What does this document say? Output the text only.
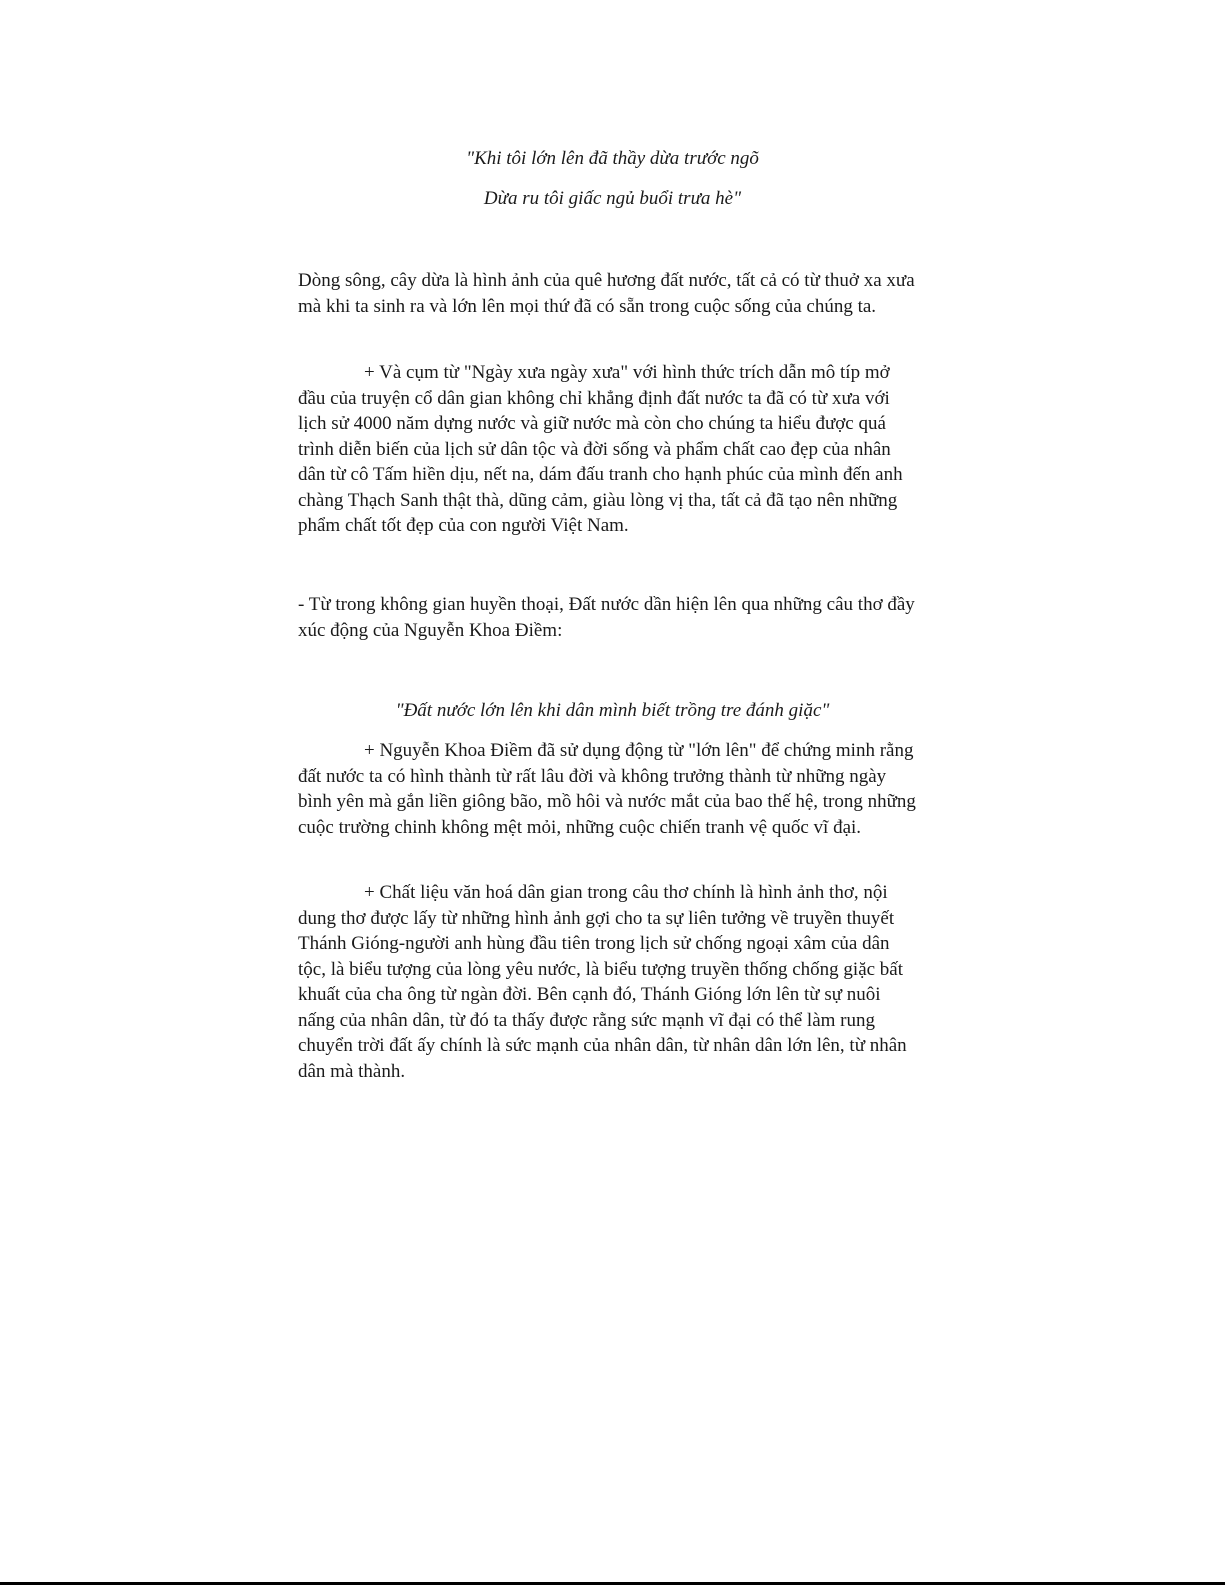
"Khi tôi lớn lên đã thầy dừa trước ngõ

Dừa ru tôi giấc ngủ buổi trưa hè"

Dòng sông, cây dừa là hình ảnh của quê hương đất nước, tất cả có từ thuở xa xưa mà khi ta sinh ra và lớn lên mọi thứ đã có sẵn trong cuộc sống của chúng ta.

+ Và cụm từ "Ngày xưa ngày xưa" với hình thức trích dẫn mô típ mở đầu của truyện cổ dân gian không chỉ khẳng định đất nước ta đã có từ xưa với lịch sử 4000 năm dựng nước và giữ nước mà còn cho chúng ta hiểu được quá trình diễn biến của lịch sử dân tộc và đời sống và phẩm chất cao đẹp của nhân dân từ cô Tấm hiền dịu, nết na, dám đấu tranh cho hạnh phúc của mình đến anh chàng Thạch Sanh thật thà, dũng cảm, giàu lòng vị tha, tất cả đã tạo nên những phẩm chất tốt đẹp của con người Việt Nam.

- Từ trong không gian huyền thoại, Đất nước dần hiện lên qua những câu thơ đầy xúc động của Nguyễn Khoa Điềm:

"Đất nước lớn lên khi dân mình biết trồng tre đánh giặc"

+ Nguyễn Khoa Điềm đã sử dụng động từ "lớn lên" để chứng minh rằng đất nước ta có hình thành từ rất lâu đời và không trưởng thành từ những ngày bình yên mà gắn liền giông bão, mồ hôi và nước mắt của bao thế hệ, trong những cuộc trường chinh không mệt mỏi, những cuộc chiến tranh vệ quốc vĩ đại.

+ Chất liệu văn hoá dân gian trong câu thơ chính là hình ảnh thơ, nội dung thơ được lấy từ những hình ảnh gợi cho ta sự liên tưởng về truyền thuyết Thánh Gióng-người anh hùng đầu tiên trong lịch sử chống ngoại xâm của dân tộc, là biểu tượng của lòng yêu nước, là biểu tượng truyền thống chống giặc bất khuất của cha ông từ ngàn đời. Bên cạnh đó, Thánh Gióng lớn lên từ sự nuôi nấng của nhân dân, từ đó ta thấy được rằng sức mạnh vĩ đại có thể làm rung chuyển trời đất ấy chính là sức mạnh của nhân dân, từ nhân dân lớn lên, từ nhân dân mà thành.
